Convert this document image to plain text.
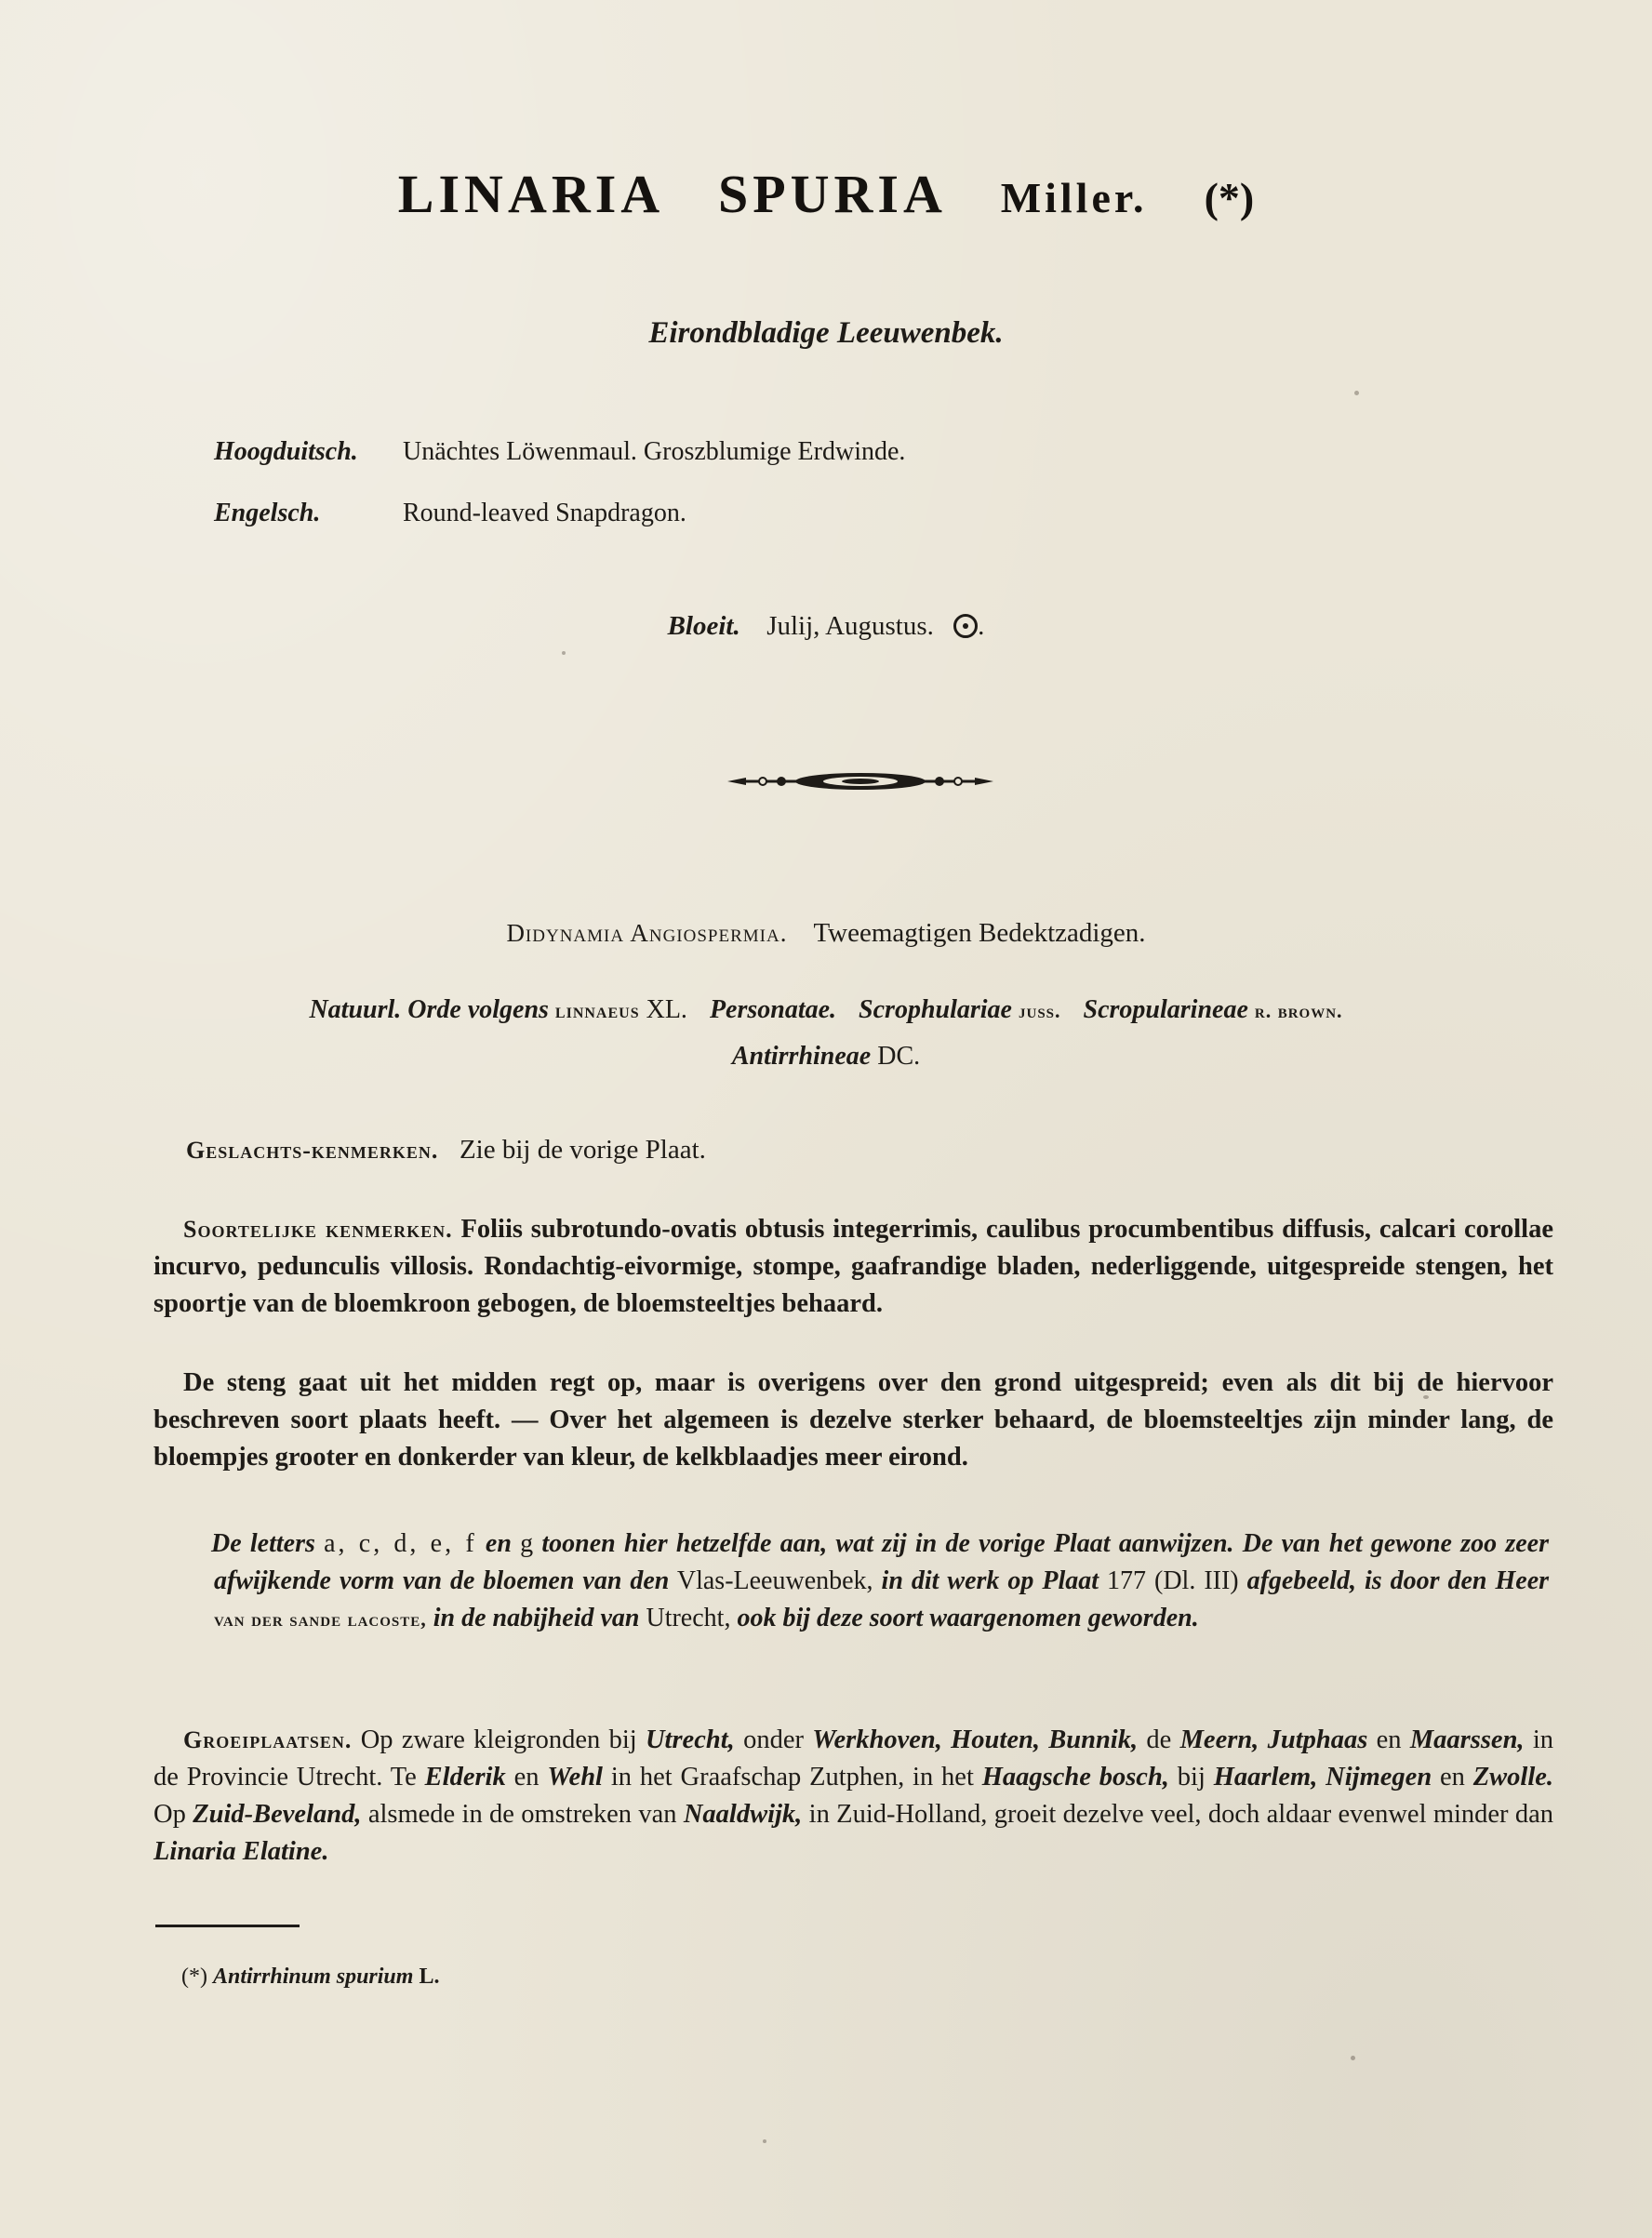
LINARIA SPURIA Miller. (*)
Eirondbladige Leeuwenbek.
Hoogduitsch. Unächtes Löwenmaul. Groszblumige Erdwinde.
Engelsch.	Round-leaved Snapdragon.
Bloeit. Julij, Augustus. .
Didynamia Angiospermia. Tweemagtigen Bedektzadigen.
Natuurl. Orde volgens linnaeus XL. Personatae. Scrophulariae juss. Scropularineae r. brown.
Antirrhineae DC.
Geslachts-kenmerken. Zie bij de vorige Plaat.
Soortelijke kenmerken. Foliis subrotundo-ovatis obtusis integerrimis, caulibus procumbentibus diffusis, calcari corollae incurvo, pedunculis villosis. Rondachtig-eivormige, stompe, gaafrandige bladen, nederliggende, uitgespreide stengen, het spoortje van de bloemkroon gebogen, de bloemsteeltjes behaard.
De steng gaat uit het midden regt op, maar is overigens over den grond uitgespreid; even als dit bij de hiervoor beschreven soort plaats heeft. — Over het algemeen is dezelve sterker behaard, de bloemsteeltjes zijn minder lang, de bloempjes grooter en donkerder van kleur, de kelkblaadjes meer eirond.
De letters a, c, d, e, f en g toonen hier hetzelfde aan, wat zij in de vorige Plaat aanwijzen. De van het gewone zoo zeer afwijkende vorm van de bloemen van den Vlas-Leeuwenbek, in dit werk op Plaat 177 (Dl. III) afgebeeld, is door den Heer van der sande lacoste, in de nabijheid van Utrecht, ook bij deze soort waargenomen geworden.
Groeiplaatsen. Op zware kleigronden bij Utrecht, onder Werkhoven, Houten, Bunnik, de Meern, Jutphaas en Maarssen, in de Provincie Utrecht. Te Elderik en Wehl in het Graafschap Zutphen, in het Haagsche bosch, bij Haarlem, Nijmegen en Zwolle. Op Zuid-Beveland, alsmede in de omstreken van Naaldwijk, in Zuid-Holland, groeit dezelve veel, doch aldaar evenwel minder dan Linaria Elatine.
(*) Antirrhinum spurium L.
